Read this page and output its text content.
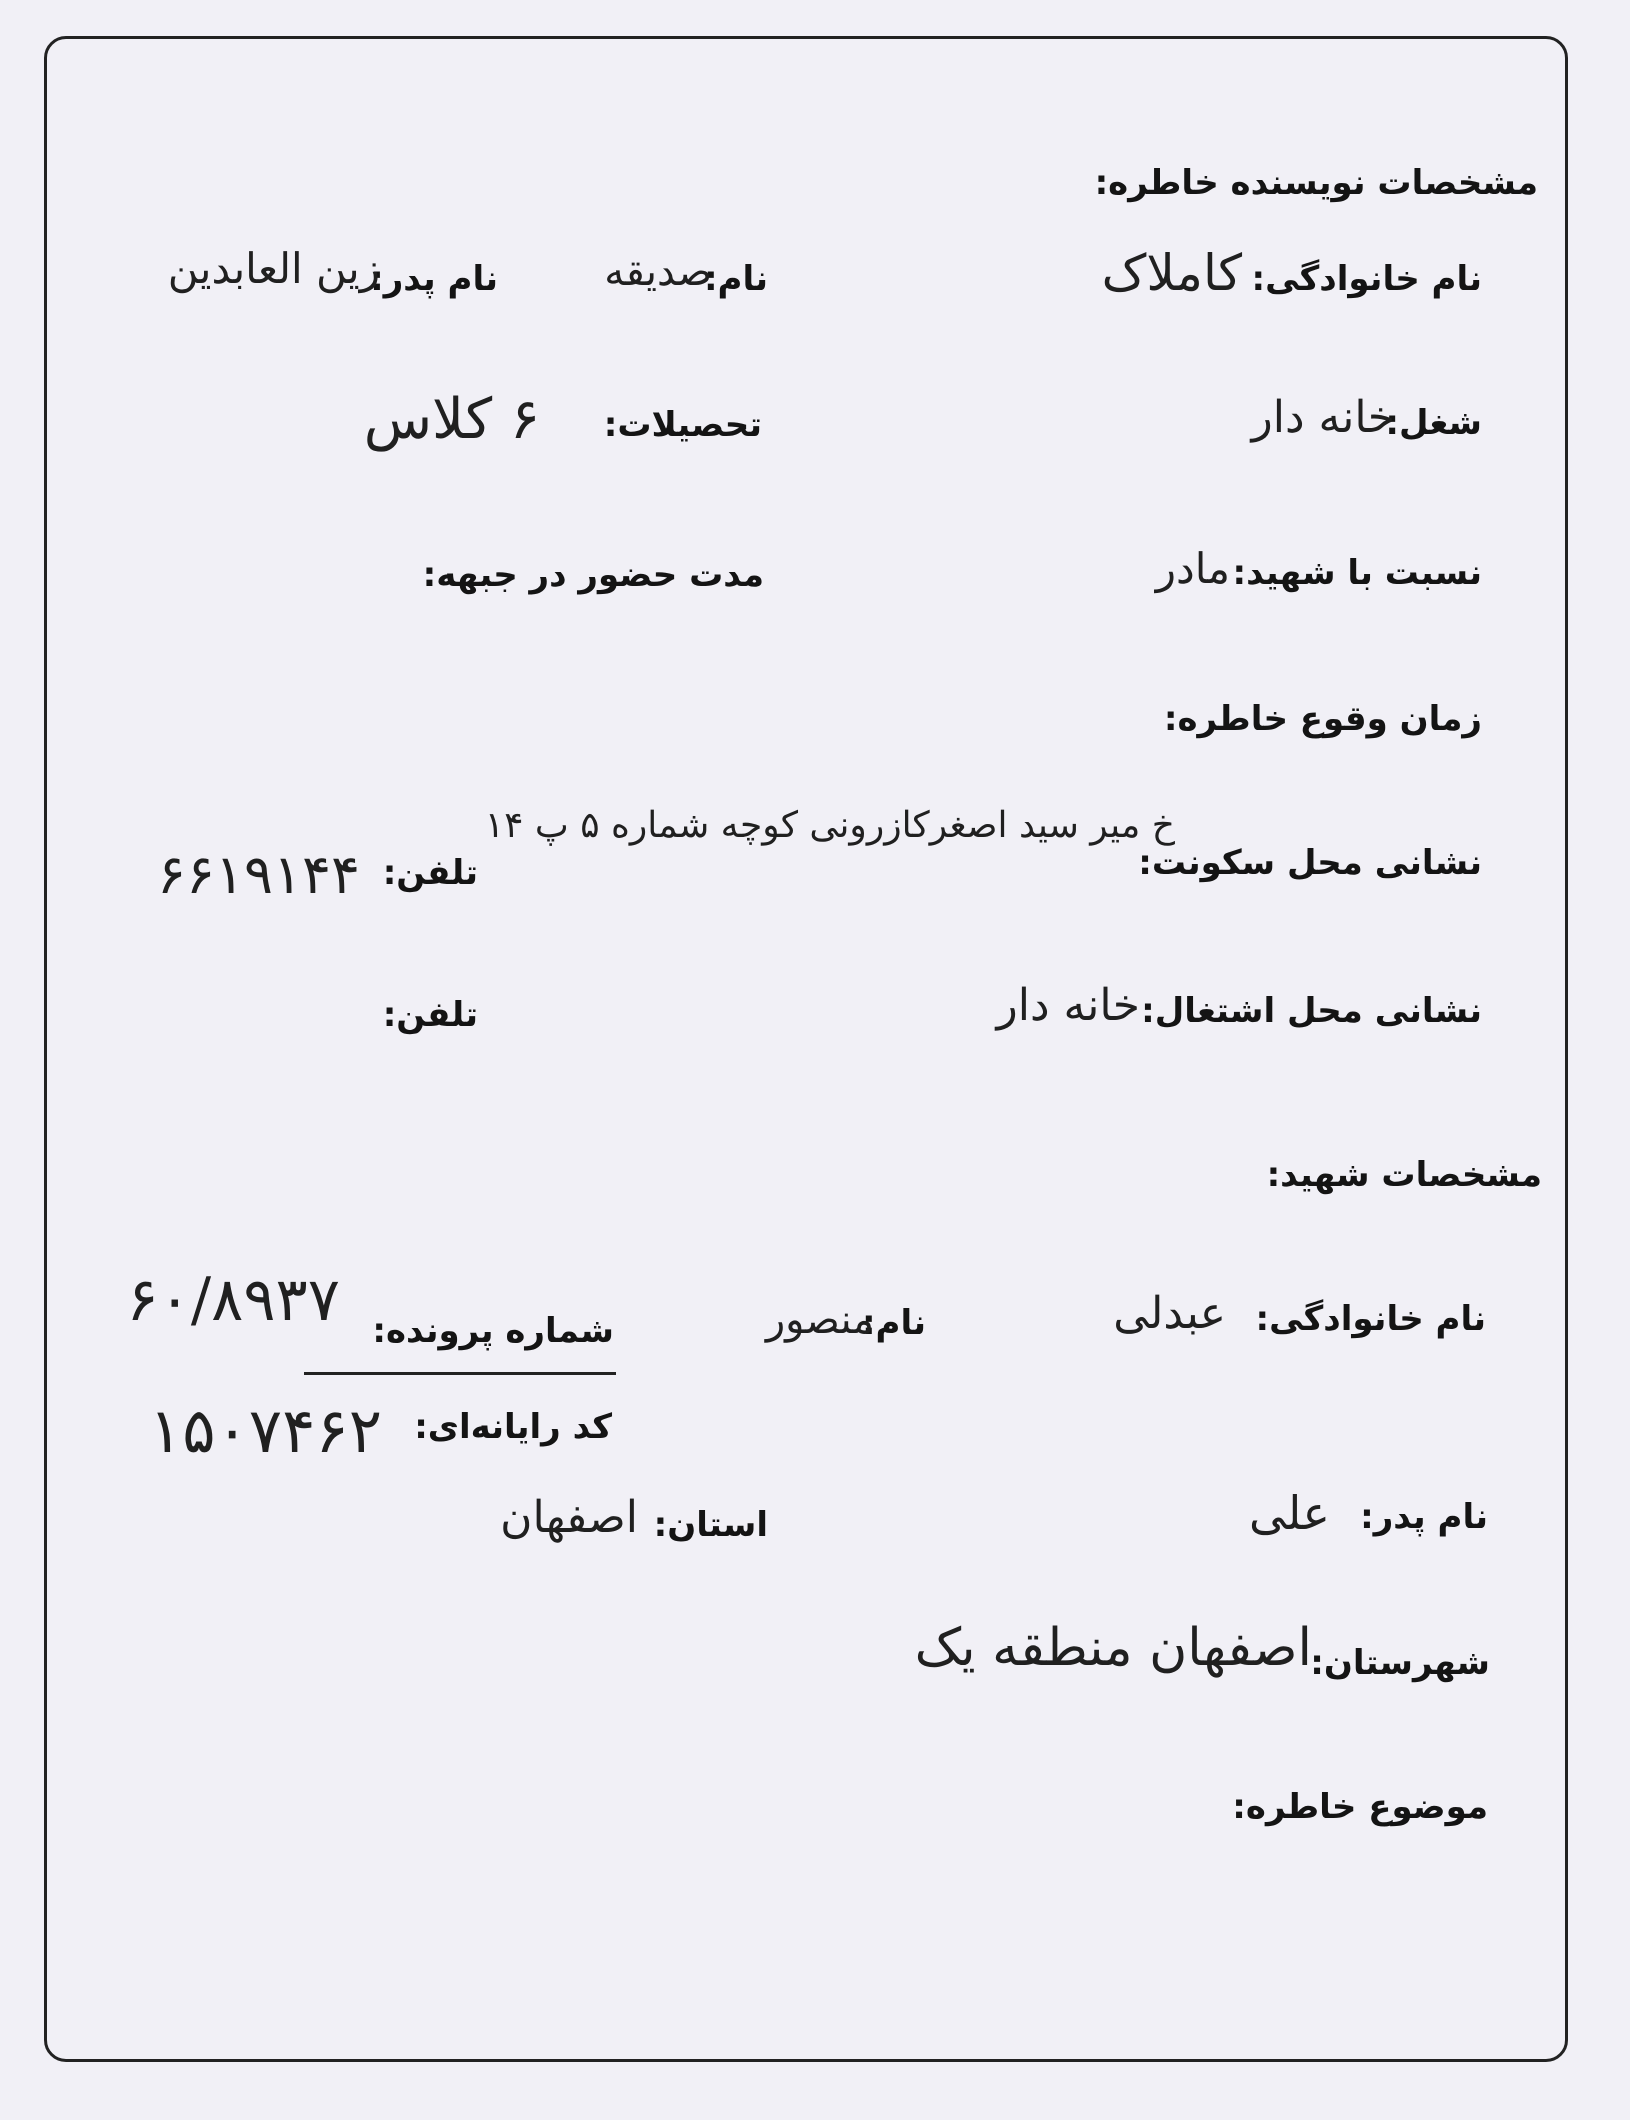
مشخصات نویسنده خاطره:
نام خانوادگی:
کاملاک
نام:
صدیقه
نام پدر:
زین العابدین
شغل:
خانه دار
تحصیلات:
۶ کلاس
نسبت با شهید:
مادر
مدت حضور در جبهه:
زمان وقوع خاطره:
نشانی محل سکونت:
خ میر سید اصغرکازرونی کوچه شماره ۵ پ ۱۴
تلفن:
۶۶۱۹۱۴۴
نشانی محل اشتغال:
خانه دار
تلفن:
مشخصات شهید:
نام خانوادگی:
عبدلی
نام:
منصور
شماره پرونده:
۶۰/۸۹۳۷
کد رایانه‌ای:
۱۵۰۷۴۶۲
نام پدر:
علی
استان:
اصفهان
شهرستان:
اصفهان منطقه یک
موضوع خاطره:
